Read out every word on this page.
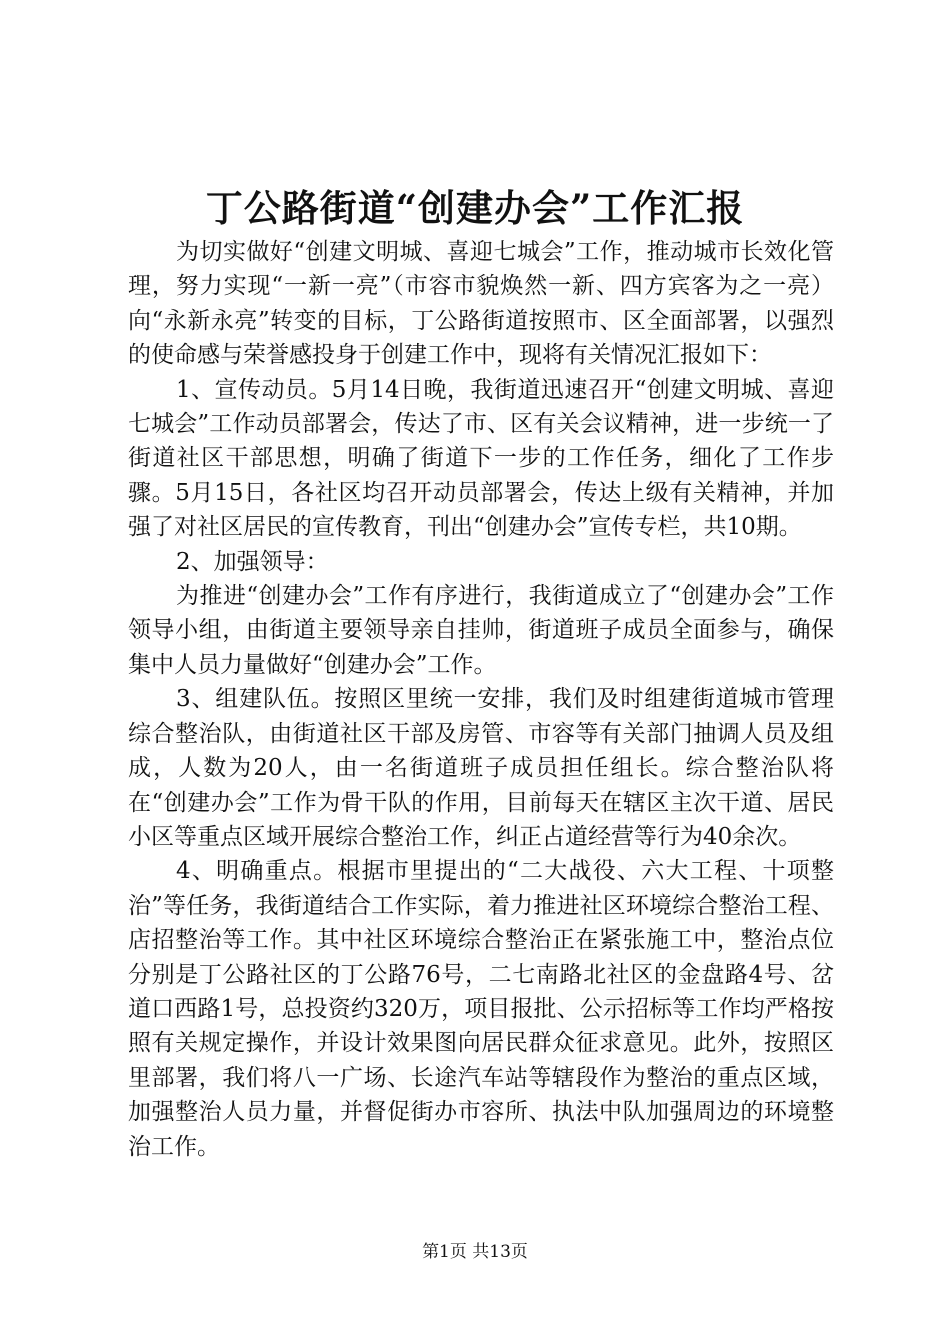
丁公路街道“创建办会”工作汇报

为切实做好“创建文明城、喜迎七城会”工作，推动城市长效化管理，努力实现“一新一亮”（市容市貌焕然一新、四方宾客为之一亮）向“永新永亮”转变的目标，丁公路街道按照市、区全面部署，以强烈的使命感与荣誉感投身于创建工作中，现将有关情况汇报如下：

1、宣传动员。5月14日晚，我街道迅速召开“创建文明城、喜迎七城会”工作动员部署会，传达了市、区有关会议精神，进一步统一了街道社区干部思想，明确了街道下一步的工作任务，细化了工作步骤。5月15日，各社区均召开动员部署会，传达上级有关精神，并加强了对社区居民的宣传教育，刊出“创建办会”宣传专栏，共10期。

2、加强领导：

为推进“创建办会”工作有序进行，我街道成立了“创建办会”工作领导小组，由街道主要领导亲自挂帅，街道班子成员全面参与，确保集中人员力量做好“创建办会”工作。

3、组建队伍。按照区里统一安排，我们及时组建街道城市管理综合整治队，由街道社区干部及房管、市容等有关部门抽调人员及组成，人数为20人，由一名街道班子成员担任组长。综合整治队将在“创建办会”工作为骨干队的作用，目前每天在辖区主次干道、居民小区等重点区域开展综合整治工作，纠正占道经营等行为40余次。

4、明确重点。根据市里提出的“二大战役、六大工程、十项整治”等任务，我街道结合工作实际，着力推进社区环境综合整治工程、店招整治等工作。其中社区环境综合整治正在紧张施工中，整治点位分别是丁公路社区的丁公路76号，二七南路北社区的金盘路4号、岔道口西路1号，总投资约320万，项目报批、公示招标等工作均严格按照有关规定操作，并设计效果图向居民群众征求意见。此外，按照区里部署，我们将八一广场、长途汽车站等辖段作为整治的重点区域，加强整治人员力量，并督促街办市容所、执法中队加强周边的环境整治工作。

第1页 共13页
